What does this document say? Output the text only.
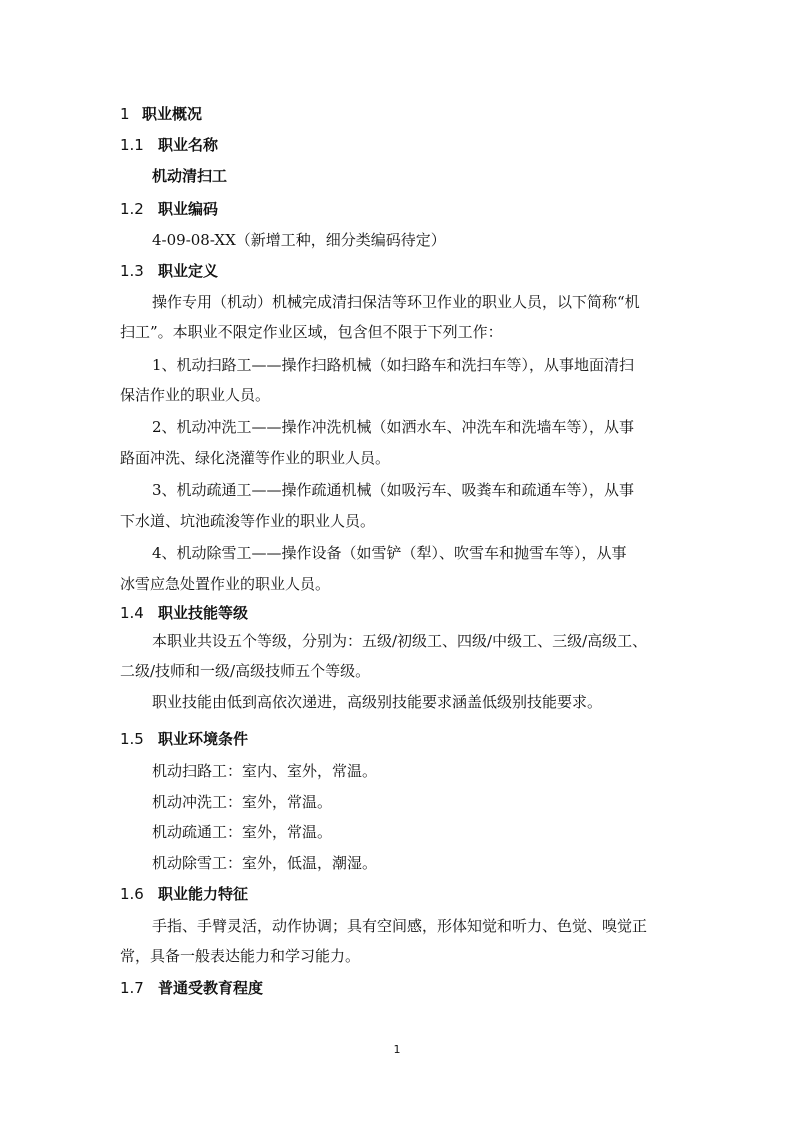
1 职业概况
1.1 职业名称
机动清扫工
1.2 职业编码
4-09-08-XX（新增工种，细分类编码待定）
1.3 职业定义
操作专用（机动）机械完成清扫保洁等环卫作业的职业人员，以下简称“机
扫工”。本职业不限定作业区域，包含但不限于下列工作：
1、机动扫路工——操作扫路机械（如扫路车和洗扫车等），从事地面清扫
保洁作业的职业人员。
2、机动冲洗工——操作冲洗机械（如洒水车、冲洗车和洗墙车等），从事
路面冲洗、绿化浇灌等作业的职业人员。
3、机动疏通工——操作疏通机械（如吸污车、吸粪车和疏通车等），从事
下水道、坑池疏浚等作业的职业人员。
4、机动除雪工——操作设备（如雪铲（犁）、吹雪车和抛雪车等），从事
冰雪应急处置作业的职业人员。
1.4 职业技能等级
本职业共设五个等级，分别为：五级/初级工、四级/中级工、三级/高级工、
二级/技师和一级/高级技师五个等级。
职业技能由低到高依次递进，高级别技能要求涵盖低级别技能要求。
1.5 职业环境条件
机动扫路工：室内、室外，常温。
机动冲洗工：室外，常温。
机动疏通工：室外，常温。
机动除雪工：室外，低温，潮湿。
1.6 职业能力特征
手指、手臂灵活，动作协调；具有空间感，形体知觉和听力、色觉、嗅觉正
常，具备一般表达能力和学习能力。
1.7 普通受教育程度
1
